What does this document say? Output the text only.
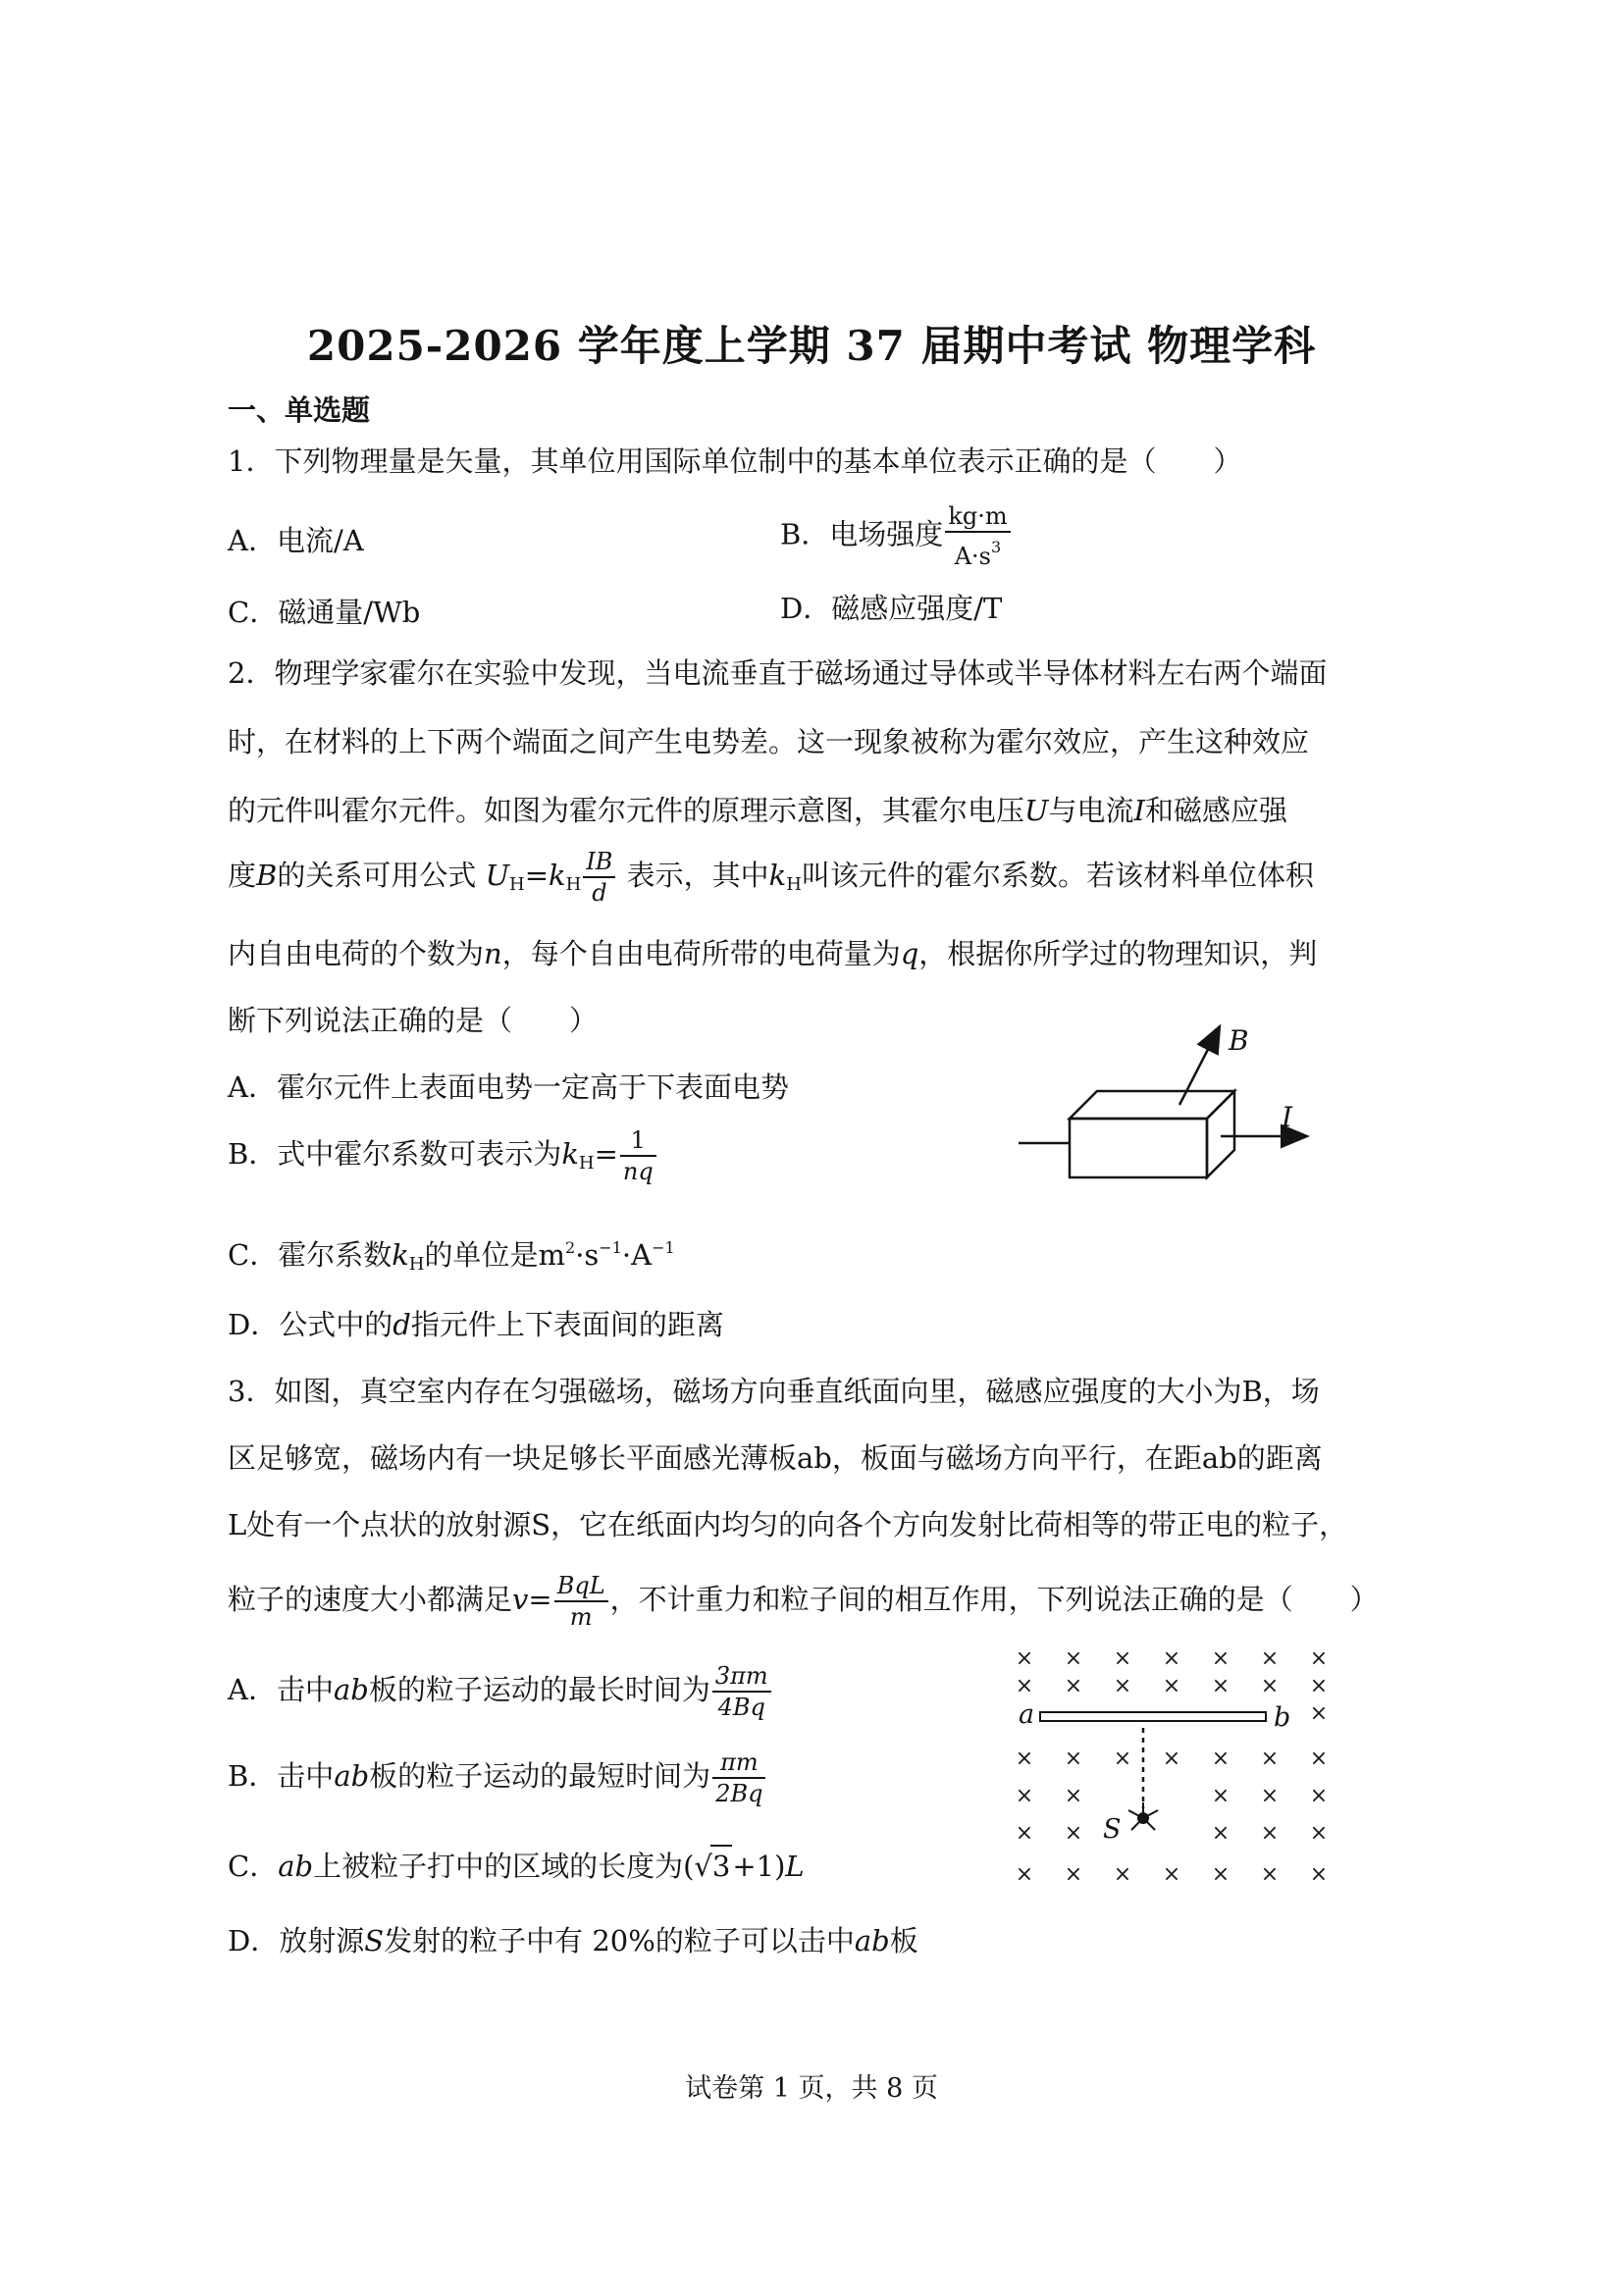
2025-2026 学年度上学期 37 届期中考试 物理学科
一、单选题
1．下列物理量是矢量，其单位用国际单位制中的基本单位表示正确的是（　　）
A．电流/A	B．电场强度 $\frac{kg\cdot m}{A\cdot s^3}$
C．磁通量/Wb	D．磁感应强度/T
2．物理学家霍尔在实验中发现，当电流垂直于磁场通过导体或半导体材料左右两个端面
时，在材料的上下两个端面之间产生电势差。这一现象被称为霍尔效应，产生这种效应
的元件叫霍尔元件。如图为霍尔元件的原理示意图，其霍尔电压U与电流I和磁感应强
度B的关系可用公式 $U_H=k_H \frac{IB}{d}$ 表示，其中$k_H$叫该元件的霍尔系数。若该材料单位体积
内自由电荷的个数为n，每个自由电荷所带的电荷量为q，根据你所学过的物理知识，判
断下列说法正确的是（　　）
A．霍尔元件上表面电势一定高于下表面电势
B．式中霍尔系数可表示为$k_H= \frac{1}{nq}$
C．霍尔系数$k_H$的单位是$m^2\cdot s^{-1}\cdot A^{-1}$
D．公式中的d指元件上下表面间的距离
B
I
3．如图，真空室内存在匀强磁场，磁场方向垂直纸面向里，磁感应强度的大小为B，场
区足够宽，磁场内有一块足够长平面感光薄板ab，板面与磁场方向平行，在距ab的距离
L处有一个点状的放射源S，它在纸面内均匀的向各个方向发射比荷相等的带正电的粒子，
粒子的速度大小都满足$v= \frac{\text{BqL}}{m}$ ，不计重力和粒子间的相互作用，下列说法正确的是（　　）
A．击中ab板的粒子运动的最长时间为 $\frac{3\pi m}{4Bq}$
B．击中ab板的粒子运动的最短时间为 $\frac{\pi m}{2Bq}$
C．ab上被粒子打中的区域的长度为(√3+1)L
D．放射源S发射的粒子中有 20%的粒子可以击中ab板
× × × × × × ×
× × × × × × ×
×
× × × × × × ×
× ×	× × ×
× ×	× × ×
× × × × × × ×
a	b
S
试卷第 1 页，共 8 页
